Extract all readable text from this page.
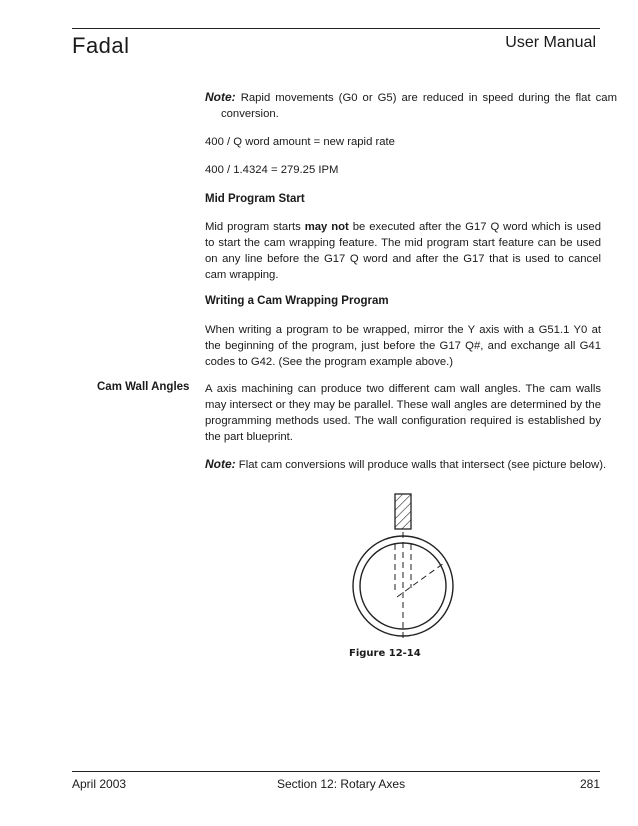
Fadal	User Manual
Note: Rapid movements (G0 or G5) are reduced in speed during the flat cam conversion.
400 / Q word amount = new rapid rate
400 / 1.4324 = 279.25 IPM
Mid Program Start
Mid program starts may not be executed after the G17 Q word which is used to start the cam wrapping feature. The mid program start feature can be used on any line before the G17 Q word and after the G17 that is used to cancel cam wrapping.
Writing a Cam Wrapping Program
When writing a program to be wrapped, mirror the Y axis with a G51.1 Y0 at the beginning of the program, just before the G17 Q#, and exchange all G41 codes to G42. (See the program example above.)
Cam Wall Angles A axis machining can produce two different cam wall angles. The cam walls may intersect or they may be parallel. These wall angles are determined by the programming methods used. The wall configuration required is established by the part blueprint.
Note: Flat cam conversions will produce walls that intersect (see picture below).
Figure 12-14
April 2003	Section 12: Rotary Axes	281
